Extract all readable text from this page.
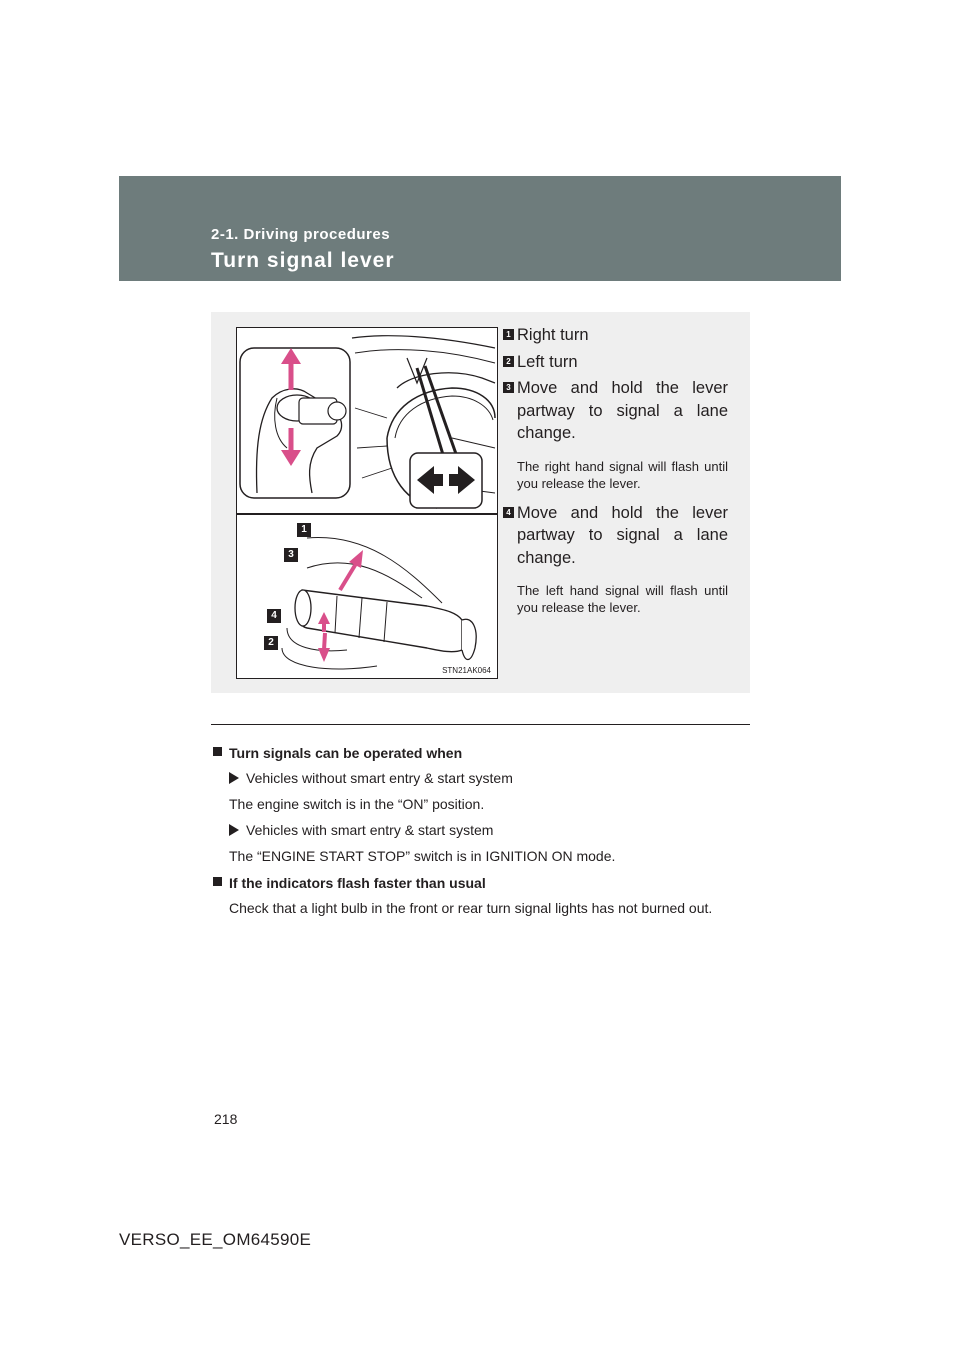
2-1. Driving procedures
Turn signal lever
1
3
4
2
STN21AK064
1 Right turn
2 Left turn
3 Move and hold the lever partway to signal a lane change.
The right hand signal will flash until you release the lever.
4 Move and hold the lever partway to signal a lane change.
The left hand signal will flash until you release the lever.
Turn signals can be operated when
Vehicles without smart entry & start system
The engine switch is in the “ON” position.
Vehicles with smart entry & start system
The “ENGINE START STOP” switch is in IGNITION ON mode.
If the indicators flash faster than usual
Check that a light bulb in the front or rear turn signal lights has not burned out.
218
VERSO_EE_OM64590E
